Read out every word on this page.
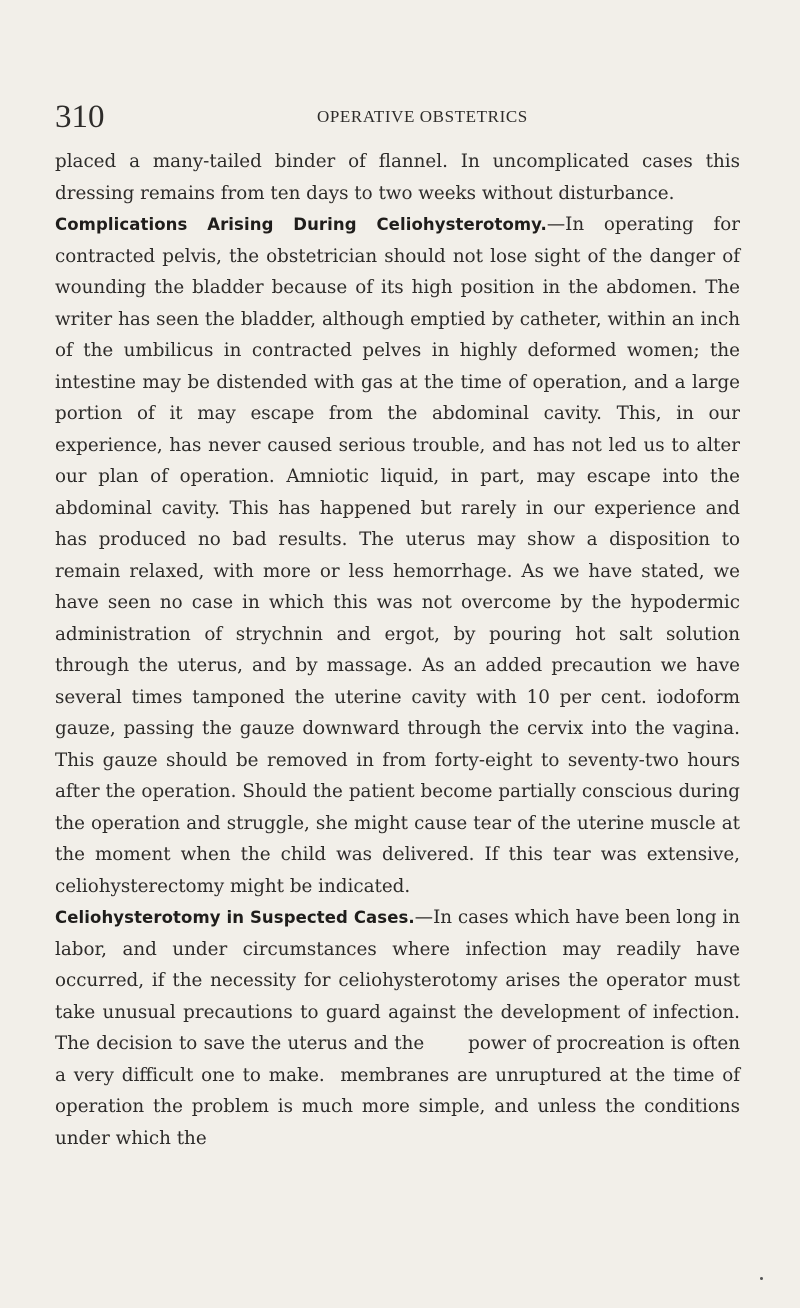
310	OPERATIVE OBSTETRICS

placed a many-tailed binder of flannel. In uncomplicated cases this dressing remains from ten days to two weeks without disturbance.

Complications Arising During Celiohysterotomy.—In operating for contracted pelvis, the obstetrician should not lose sight of the danger of wounding the bladder because of its high position in the abdomen. The writer has seen the bladder, although emptied by catheter, within an inch of the umbilicus in contracted pelves in highly deformed women; the intestine may be distended with gas at the time of operation, and a large portion of it may escape from the abdominal cavity. This, in our experience, has never caused serious trouble, and has not led us to alter our plan of operation. Amniotic liquid, in part, may escape into the abdominal cavity. This has happened but rarely in our experience and has produced no bad results. The uterus may show a disposition to remain relaxed, with more or less hemorrhage. As we have stated, we have seen no case in which this was not overcome by the hypodermic administration of strychnin and ergot, by pouring hot salt solution through the uterus, and by massage. As an added precaution we have several times tamponed the uterine cavity with 10 per cent. iodoform gauze, passing the gauze downward through the cervix into the vagina. This gauze should be removed in from forty-eight to seventy-two hours after the operation. Should the patient become partially conscious during the operation and struggle, she might cause tear of the uterine muscle at the moment when the child was delivered. If this tear was extensive, celiohysterectomy might be indicated.

Celiohysterotomy in Suspected Cases.—In cases which have been long in labor, and under circumstances where infection may readily have occurred, if the necessity for celiohysterotomy arises the operator must take unusual precautions to guard against the development of infection. The decision to save the uterus and the       power of procreation is often a very difficult one to make.  membranes are unruptured at the time of operation the problem is much more simple, and unless the conditions under which the
